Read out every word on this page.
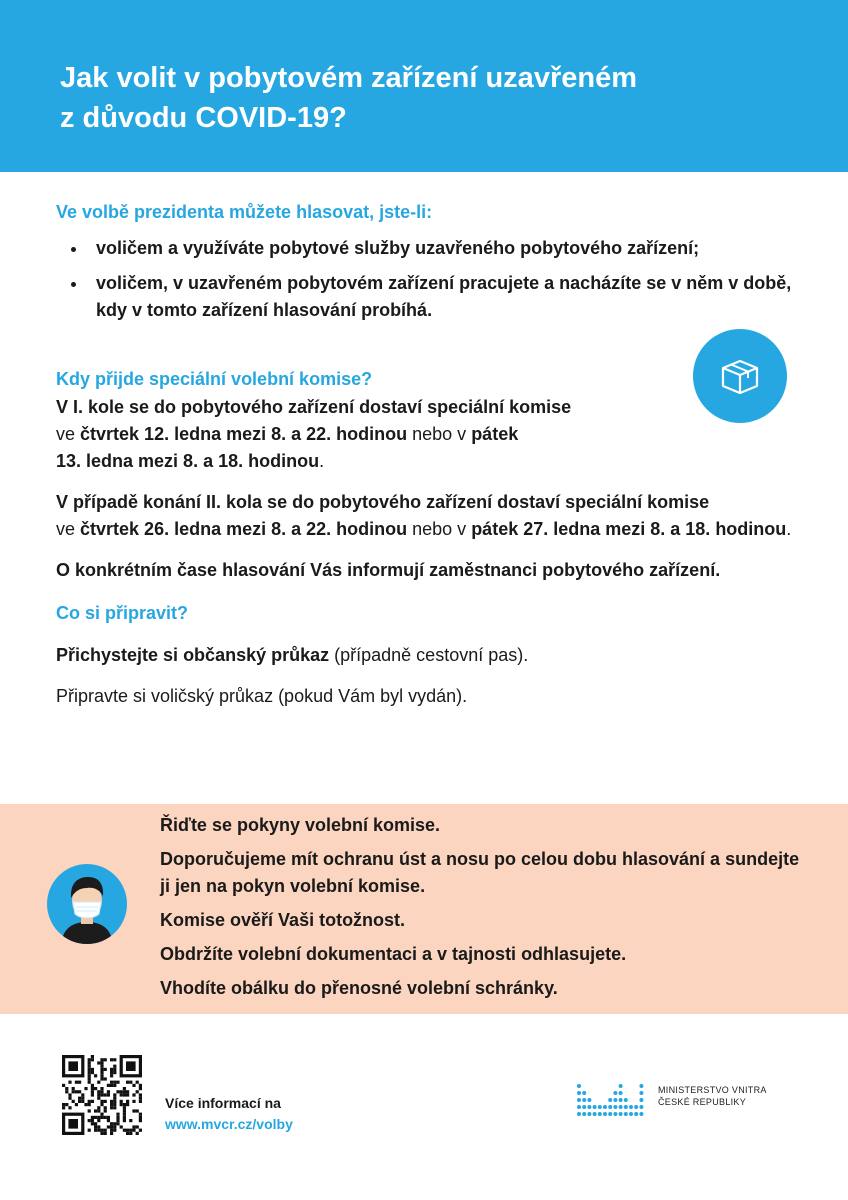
Jak volit v pobytovém zařízení uzavřeném
z důvodu COVID-19?
Ve volbě prezidenta můžete hlasovat, jste-li:
voličem a využíváte pobytové služby uzavřeného pobytového zařízení;
voličem, v uzavřeném pobytovém zařízení pracujete a nacházíte se v něm v době, kdy v tomto zařízení hlasování probíhá.
Kdy přijde speciální volební komise?

V I. kole se do pobytového zařízení dostaví speciální komise
ve čtvrtek 12. ledna mezi 8. a 22. hodinou nebo v pátek
13. ledna mezi 8. a 18. hodinou.

V případě konání II. kola se do pobytového zařízení dostaví speciální komise
ve čtvrtek 26. ledna mezi 8. a 22. hodinou nebo v pátek 27. ledna mezi 8. a 18. hodinou.

O konkrétním čase hlasování Vás informují zaměstnanci pobytového zařízení.

Co si připravit?

Přichystejte si občanský průkaz (případně cestovní pas).

Připravte si voličský průkaz (pokud Vám byl vydán).

Řiďte se pokyny volební komise.

Doporučujeme mít ochranu úst a nosu po celou dobu hlasování a sundejte ji jen na pokyn volební komise.

Komise ověří Vaši totožnost.

Obdržíte volební dokumentaci a v tajnosti odhlasujete.

Vhodíte obálku do přenosné volební schránky.

Více informací na
www.mvcr.cz/volby
MINISTERSTVO VNITRA
ČESKÉ REPUBLIKY
